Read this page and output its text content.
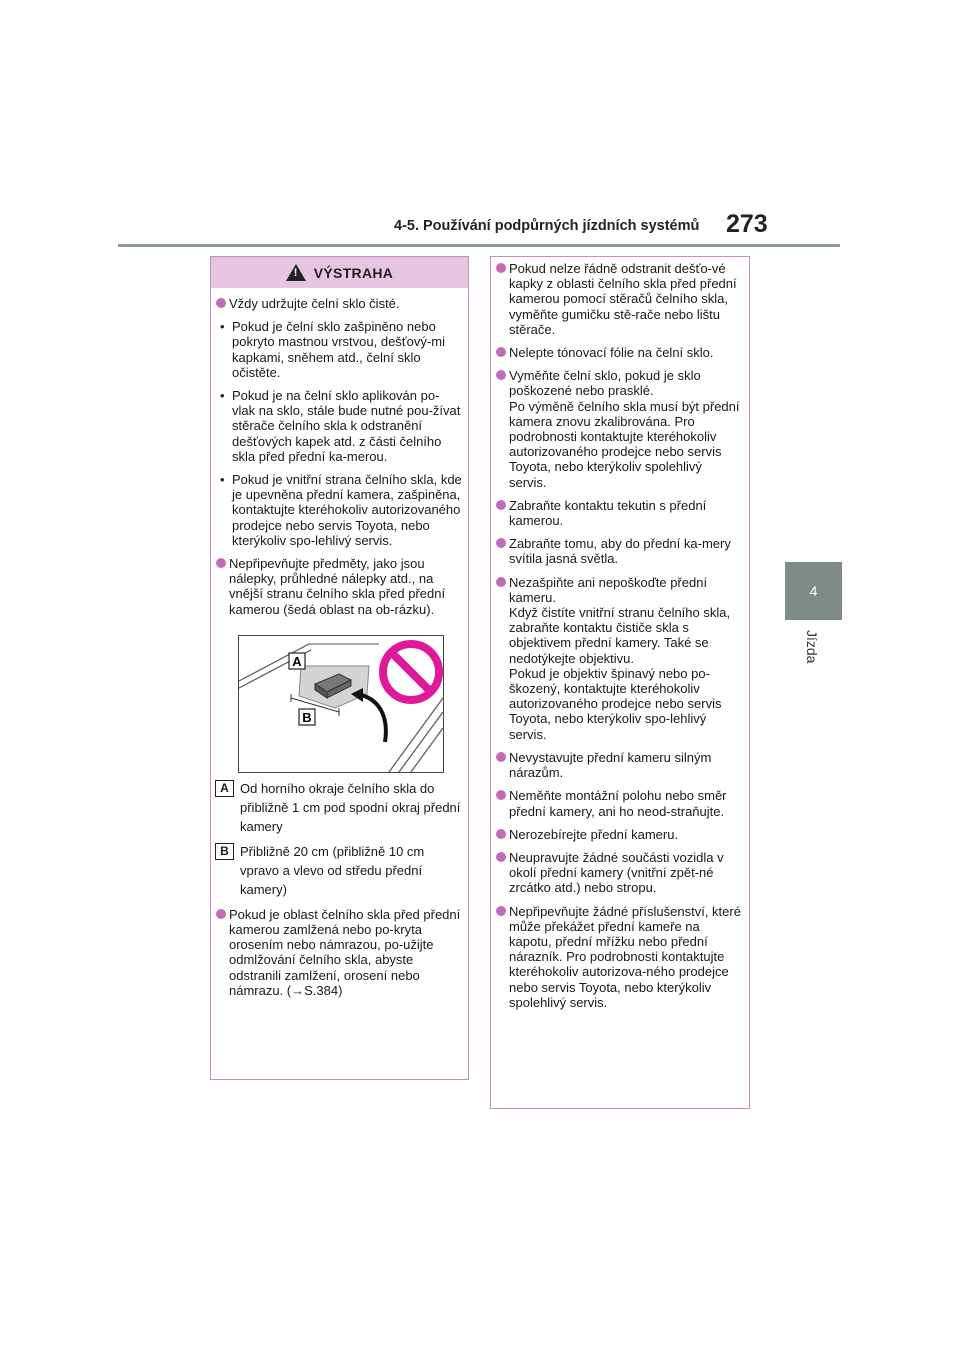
4-5. Používání podpůrných jízdních systémů 273
4
Jízda
! VÝSTRAHA
Vždy udržujte čelní sklo čisté.
• Pokud je čelní sklo zašpiněno nebo pokryto mastnou vrstvou, dešťový-mi kapkami, sněhem atd., čelní sklo očistěte.
• Pokud je na čelní sklo aplikován po-vlak na sklo, stále bude nutné pou-žívat stěrače čelního skla k odstranění dešťových kapek atd. z části čelního skla před přední ka-merou.
• Pokud je vnitřní strana čelního skla, kde je upevněna přední kamera, zašpiněna, kontaktujte kteréhokoliv autorizovaného prodejce nebo servis Toyota, nebo kterýkoliv spo-lehlivý servis.
Nepřipevňujte předměty, jako jsou nálepky, průhledné nálepky atd., na vnější stranu čelního skla před přední kamerou (šedá oblast na ob-rázku).
A
B
A Od horního okraje čelního skla do přibližně 1 cm pod spodní okraj přední kamery
B Přibližně 20 cm (přibližně 10 cm vpravo a vlevo od středu přední kamery)
Pokud je oblast čelního skla před přední kamerou zamlžená nebo po-kryta orosením nebo námrazou, po-užijte odmlžování čelního skla, abyste odstranili zamlžení, orosení nebo námrazu. (→S.384)
Pokud nelze řádně odstranit dešťo-vé kapky z oblasti čelního skla před přední kamerou pomocí stěračů čelního skla, vyměňte gumičku stě-rače nebo lištu stěrače.
Nelepte tónovací fólie na čelní sklo.
Vyměňte čelní sklo, pokud je sklo poškozené nebo prasklé.
Po výměně čelního skla musí být přední kamera znovu zkalibrována. Pro podrobnosti kontaktujte kteréhokoliv autorizovaného prodejce nebo servis Toyota, nebo kterýkoliv spolehlivý servis.
Zabraňte kontaktu tekutin s přední kamerou.
Zabraňte tomu, aby do přední ka-mery svítila jasná světla.
Nezašpiňte ani nepoškoďte přední kameru.
Když čistíte vnitřní stranu čelního skla, zabraňte kontaktu čističe skla s objektivem přední kamery. Také se nedotýkejte objektivu.
Pokud je objektiv špinavý nebo po-škozený, kontaktujte kteréhokoliv autorizovaného prodejce nebo servis Toyota, nebo kterýkoliv spo-lehlivý servis.
Nevystavujte přední kameru silným nárazům.
Neměňte montážní polohu nebo směr přední kamery, ani ho neod-straňujte.
Nerozebírejte přední kameru.
Neupravujte žádné součásti vozidla v okolí přední kamery (vnitřní zpět-né zrcátko atd.) nebo stropu.
Nepřipevňujte žádné příslušenství, které může překážet přední kameře na kapotu, přední mřížku nebo přední nárazník. Pro podrobnosti kontaktujte kteréhokoliv autorizova-ného prodejce nebo servis Toyota, nebo kterýkoliv spolehlivý servis.
